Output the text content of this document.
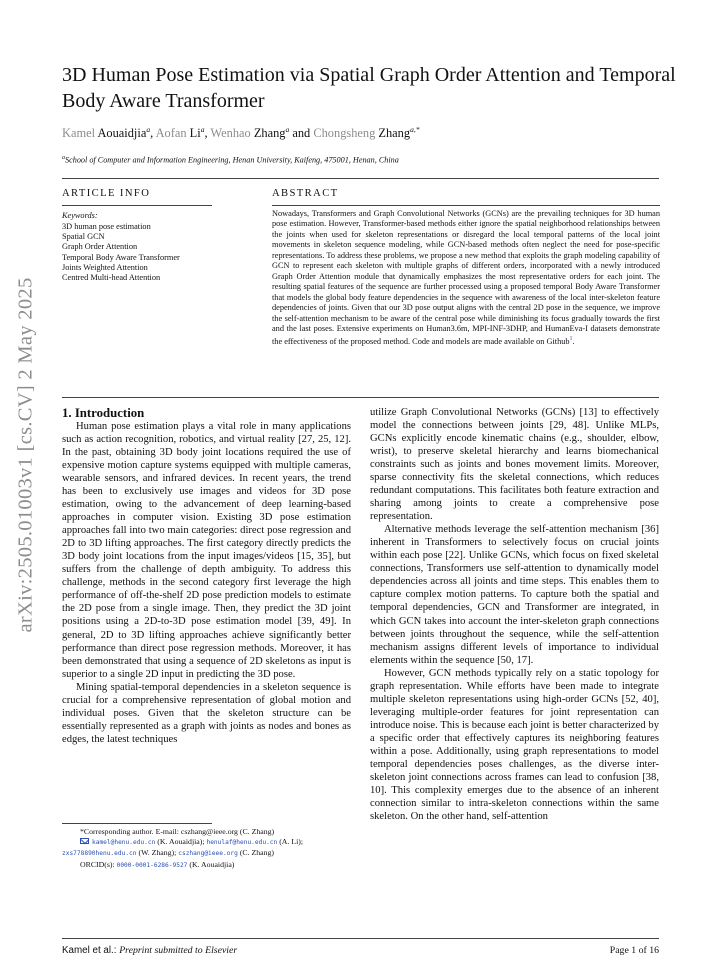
arXiv:2505.01003v1 [cs.CV] 2 May 2025
3D Human Pose Estimation via Spatial Graph Order Attention and Temporal Body Aware Transformer
Kamel Aouaidjia$^a$, Aofan Li$^a$, Wenhao Zhang$^a$ and Chongsheng Zhang$^{a,*}$
$^a$School of Computer and Information Engineering, Henan University, Kaifeng, 475001, Henan, China
ARTICLE INFO	ABSTRACT
Keywords:
3D human pose estimation
Spatial GCN
Graph Order Attention
Temporal Body Aware Transformer
Joints Weighted Attention
Centred Multi-head Attention
Nowadays, Transformers and Graph Convolutional Networks (GCNs) are the prevailing techniques for 3D human pose estimation. However, Transformer-based methods either ignore the spatial neighborhood relationships between the joints when used for skeleton representations or disregard the local temporal patterns of the local joint movements in skeleton sequence modeling, while GCN-based methods often neglect the need for pose-specific representations. To address these problems, we propose a new method that exploits the graph modeling capability of GCN to represent each skeleton with multiple graphs of different orders, incorporated with a newly introduced Graph Order Attention module that dynamically emphasizes the most representative orders for each joint. The resulting spatial features of the sequence are further processed using a proposed temporal Body Aware Transformer that models the global body feature dependencies in the sequence with awareness of the local inter-skeleton feature dependencies of joints. Given that our 3D pose output aligns with the central 2D pose in the sequence, we improve the self-attention mechanism to be aware of the central pose while diminishing its focus gradually towards the first and the last poses. Extensive experiments on Human3.6m, MPI-INF-3DHP, and HumanEva-I datasets demonstrate the effectiveness of the proposed method. Code and models are made available on Github$^1$.
1. Introduction

Human pose estimation plays a vital role in many applications such as action recognition, robotics, and virtual reality [27, 25, 12]. In the past, obtaining 3D body joint locations required the use of expensive motion capture systems equipped with multiple cameras, wearable sensors, and infrared devices. In recent years, the trend has been to exclusively use images and videos for 3D pose estimation, owing to the advancement of deep learning-based approaches in computer vision. Existing 3D pose estimation approaches fall into two main categories: direct pose regression and 2D to 3D lifting approaches. The first category directly predicts the 3D body joint locations from the input images/videos [15, 35], but suffers from the challenge of depth ambiguity. To address this challenge, methods in the second category first leverage the high performance of off-the-shelf 2D pose prediction models to estimate the 2D pose from a single image. Then, they predict the 3D joint positions using a 2D-to-3D pose estimation model [39, 49]. In general, 2D to 3D lifting approaches achieve significantly better performance than direct pose regression methods. Moreover, it has been demonstrated that using a sequence of 2D skeletons as input is superior to a single 2D input in predicting the 3D pose.

Mining spatial-temporal dependencies in a skeleton sequence is crucial for a comprehensive representation of global motion and individual poses. Given that the skeleton structure can be essentially represented as a graph with joints as nodes and bones as edges, the latest techniques

utilize Graph Convolutional Networks (GCNs) [13] to effectively model the connections between joints [29, 48]. Unlike MLPs, GCNs explicitly encode kinematic chains (e.g., shoulder, elbow, wrist), to preserve skeletal hierarchy and learns biomechanical constraints such as joints and bones movement limits. Moreover, sparse connectivity fits the skeletal connections, which reduces redundant computations. This facilitates both feature extraction and sharing among joints to create a comprehensive pose representation.

Alternative methods leverage the self-attention mechanism [36] inherent in Transformers to selectively focus on crucial joints within each pose [22]. Unlike GCNs, which focus on fixed skeletal connections, Transformers use self-attention to dynamically model dependencies across all joints and time steps. This enables them to capture complex motion patterns. To capture both the spatial and temporal dependencies, GCN and Transformer are integrated, in which GCN takes into account the inter-skeleton graph connections between joints throughout the sequence, while the self-attention mechanism assigns different levels of importance to individual elements within the sequence [50, 17].

However, GCN methods typically rely on a static topology for graph representation. While efforts have been made to integrate multiple skeleton representations using high-order GCNs [52, 40], leveraging multiple-order features for joint representation can introduce noise. This is because each joint is better characterized by a specific order that effectively captures its neighboring features within a pose. Additionally, using graph representations to model temporal dependencies poses challenges, as the diverse inter-skeleton joint connections across frames can lead to confusion [38, 10]. This complexity emerges due to the absence of an inherent connection similar to intra-skeleton connections within the same skeleton. On the other hand, self-attention

*Corresponding author. E-mail: cszhang@ieee.org (C. Zhang)
kamel@henu.edu.cn (K. Aouaidjia); henulaf@henu.edu.cn (A. Li);
zxs778890henu.edu.cn (W. Zhang); cszhang@ieee.org (C. Zhang)
ORCID(s): 0000-0001-6286-9527 (K. Aouaidjia)
Kamel et al.: Preprint submitted to Elsevier	Page 1 of 16
